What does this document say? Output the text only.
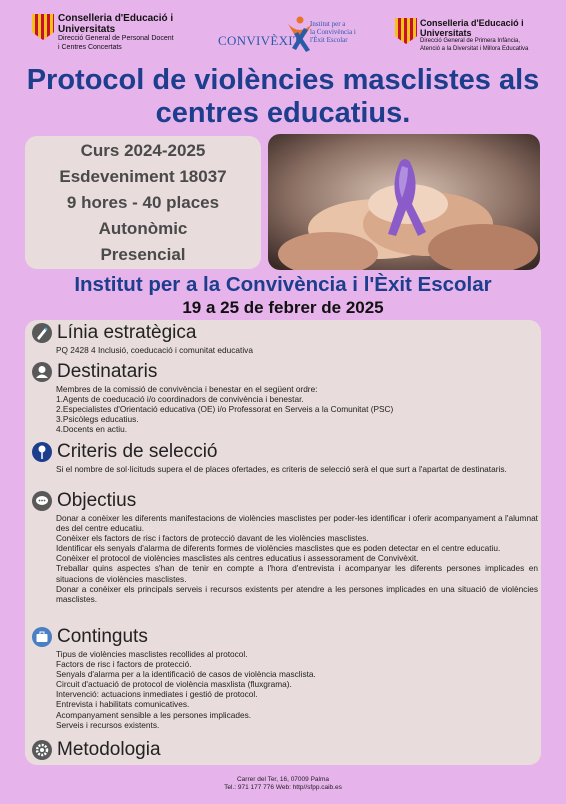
Conselleria d'Educació i Universitats
Direcció General de Personal Docent
i Centres Concertats	CONVIVÈXIT
Institut per a
la Convivència i
l'Èxit Escolar
Conselleria d'Educació i Universitats
Direcció General de Primera Infància,
Atenció a la Diversitat i Millora Educativa
Protocol de violències masclistes als
centres educatius.
Curs 2024-2025
Esdeveniment 18037
9 hores - 40 places
Autonòmic
Presencial
Institut per a la Convivència i l'Èxit Escolar
19 a 25 de febrer de 2025
Línia estratègica
PQ 2428 4 Inclusió, coeducació i comunitat educativa
Destinataris
Membres de la comissió de convivència i benestar en el següent ordre:
1.Agents de coeducació i/o coordinadors de convivència i benestar.
2.Especialistes d'Orientació educativa (OE) i/o Professorat en Serveis a la Comunitat (PSC)
3.Psicòlegs educatius.
4.Docents en actiu.
Criteris de selecció
Si el nombre de sol·licituds supera el de places ofertades, es criteris de selecció serà el que surt a l'apartat de destinataris.
Objectius
Donar a conèixer les diferents manifestacions de violències masclistes per poder-les identificar i oferir acompanyament a l'alumnat des del centre educatiu.
Conèixer els factors de risc i factors de protecció davant de les violències masclistes.
Identificar els senyals d'alarma de diferents formes de violències masclistes que es poden detectar en el centre educatiu.
Conèixer el protocol de violències masclistes als centres educatius i assessorament de Convivèxit.
Treballar quins aspectes s'han de tenir en compte a l'hora d'entrevista i acompanyar les diferents persones implicades en situacions de violències masclistes.
Donar a conèixer els principals serveis i recursos existents per atendre a les persones implicades en una situació de violències masclistes.
Continguts
Tipus de violències masclistes recollides al protocol.
Factors de risc i factors de protecció.
Senyals d'alarma per a la identificació de casos de violència masclista.
Circuit d'actuació de protocol de violència masxlista (fluxgrama).
Intervenció: actuacions inmediates i gestió de protocol.
Entrevista i habilitats comunicatives.
Acompanyament sensible a les persones implicades.
Serveis i recursos existents.
Metodologia
Carrer del Ter, 16, 07009 Palma
Tel.: 971 177 776 Web: http//sfpp.caib.es
